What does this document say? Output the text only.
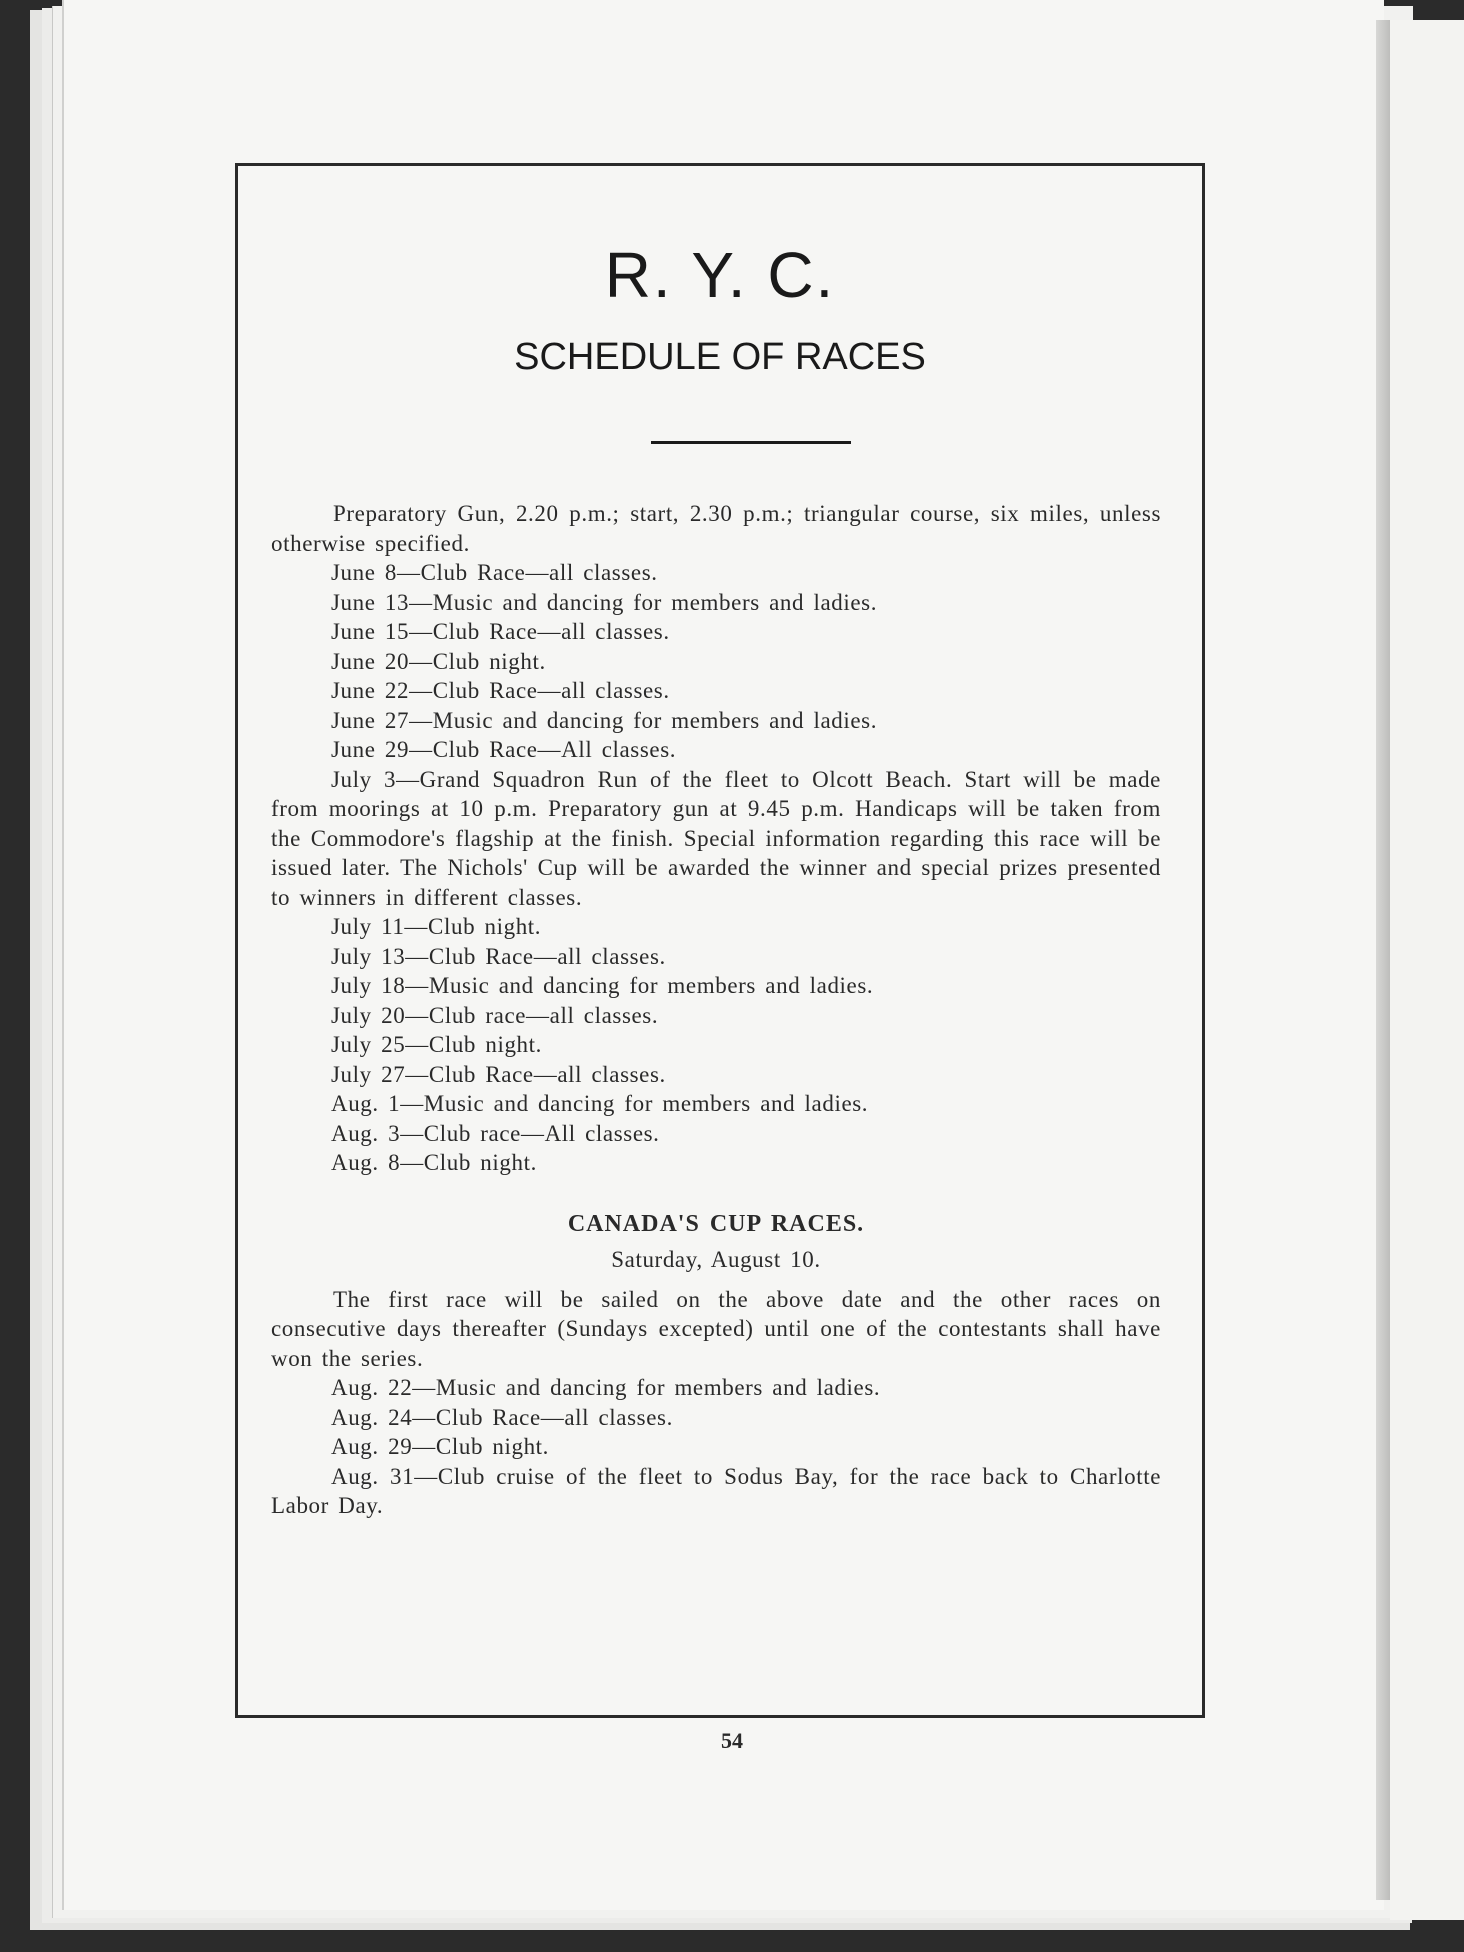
R. Y. C.
SCHEDULE OF RACES

Preparatory Gun, 2.20 p.m.; start, 2.30 p.m.; triangular course, six miles, unless otherwise specified.

June 8—Club Race—all classes.

June 13—Music and dancing for members and ladies.

June 15—Club Race—all classes.

June 20—Club night.

June 22—Club Race—all classes.

June 27—Music and dancing for members and ladies.

June 29—Club Race—All classes.

July 3—Grand Squadron Run of the fleet to Olcott Beach. Start will be made from moorings at 10 p.m. Preparatory gun at 9.45 p.m. Handicaps will be taken from the Commodore's flagship at the finish. Special information regarding this race will be issued later. The Nichols' Cup will be awarded the winner and special prizes presented to winners in different classes.

July 11—Club night.

July 13—Club Race—all classes.

July 18—Music and dancing for members and ladies.

July 20—Club race—all classes.

July 25—Club night.

July 27—Club Race—all classes.

Aug. 1—Music and dancing for members and ladies.

Aug. 3—Club race—All classes.

Aug. 8—Club night.

CANADA'S CUP RACES.

Saturday, August 10.

The first race will be sailed on the above date and the other races on consecutive days thereafter (Sundays excepted) until one of the contestants shall have won the series.

Aug. 22—Music and dancing for members and ladies.

Aug. 24—Club Race—all classes.

Aug. 29—Club night.

Aug. 31—Club cruise of the fleet to Sodus Bay, for the race back to Charlotte Labor Day.

54
